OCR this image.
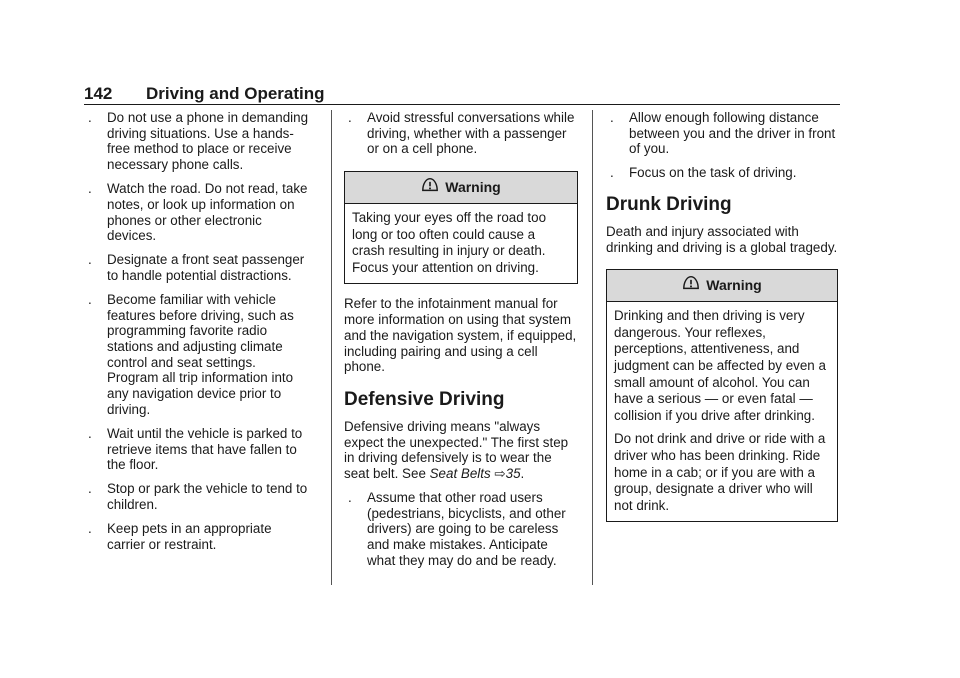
142 Driving and Operating
. Do not use a phone in demanding driving situations. Use a hands-free method to place or receive necessary phone calls.
. Watch the road. Do not read, take notes, or look up information on phones or other electronic devices.
. Designate a front seat passenger to handle potential distractions.
. Become familiar with vehicle features before driving, such as programming favorite radio stations and adjusting climate control and seat settings. Program all trip information into any navigation device prior to driving.
. Wait until the vehicle is parked to retrieve items that have fallen to the floor.
. Stop or park the vehicle to tend to children.
. Keep pets in an appropriate carrier or restraint.
. Avoid stressful conversations while driving, whether with a passenger or on a cell phone.
Warning

Taking your eyes off the road too long or too often could cause a crash resulting in injury or death. Focus your attention on driving.

Refer to the infotainment manual for more information on using that system and the navigation system, if equipped, including pairing and using a cell phone.

Defensive Driving

Defensive driving means "always expect the unexpected." The first step in driving defensively is to wear the seat belt. See Seat Belts ⇨35.

. Assume that other road users (pedestrians, bicyclists, and other drivers) are going to be careless and make mistakes. Anticipate what they may do and be ready.
. Allow enough following distance between you and the driver in front of you.
. Focus on the task of driving.
Drunk Driving

Death and injury associated with drinking and driving is a global tragedy.

Warning

Drinking and then driving is very dangerous. Your reflexes, perceptions, attentiveness, and judgment can be affected by even a small amount of alcohol. You can have a serious — or even fatal — collision if you drive after drinking.

Do not drink and drive or ride with a driver who has been drinking. Ride home in a cab; or if you are with a group, designate a driver who will not drink.
